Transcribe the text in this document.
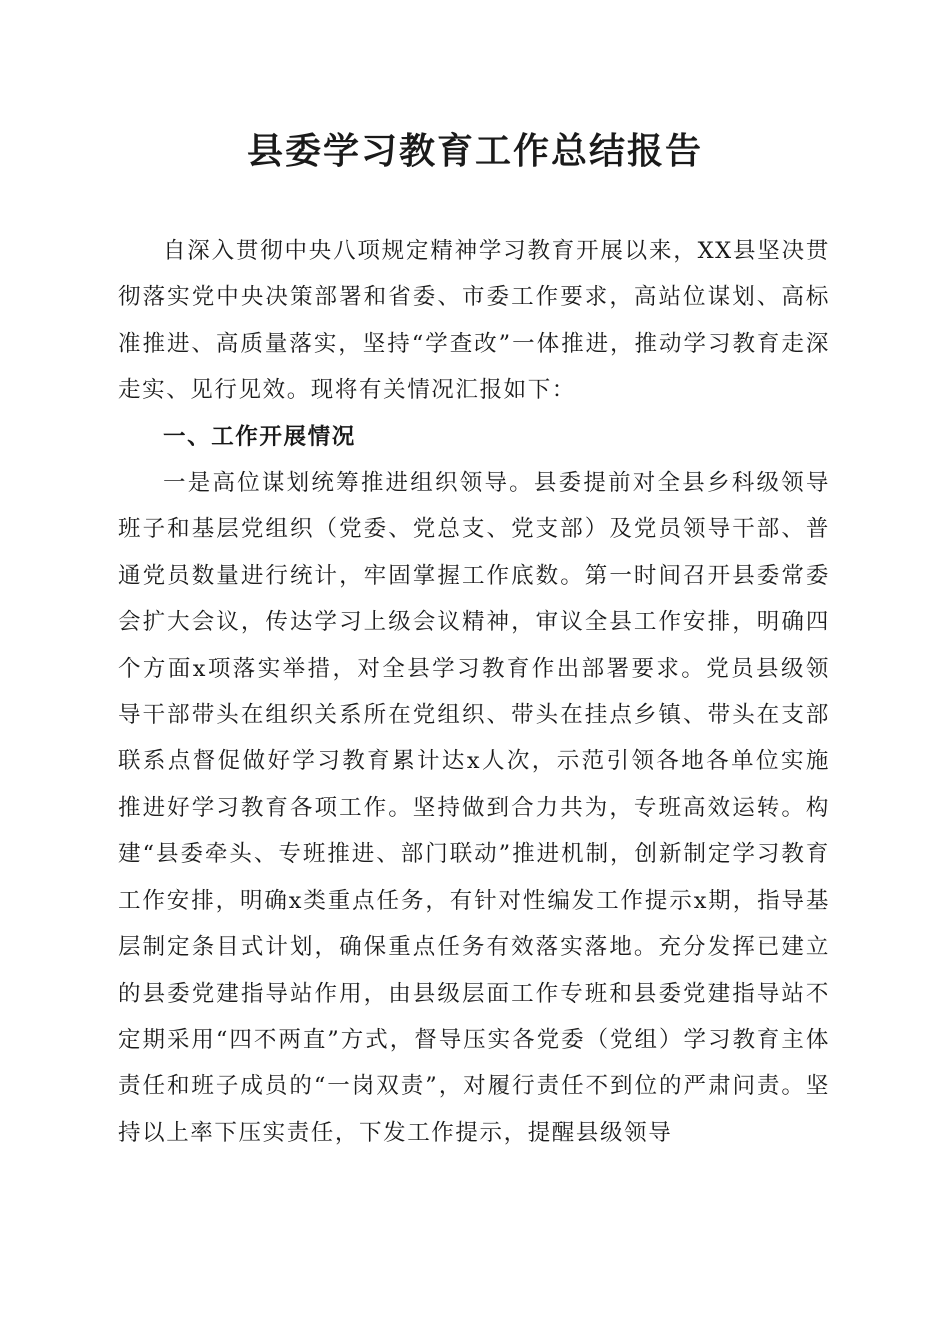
县委学习教育工作总结报告

自深入贯彻中央八项规定精神学习教育开展以来，XX县坚决贯彻落实党中央决策部署和省委、市委工作要求，高站位谋划、高标准推进、高质量落实，坚持“学查改”一体推进，推动学习教育走深走实、见行见效。现将有关情况汇报如下：

一、工作开展情况

一是高位谋划统筹推进组织领导。县委提前对全县乡科级领导班子和基层党组织（党委、党总支、党支部）及党员领导干部、普通党员数量进行统计，牢固掌握工作底数。第一时间召开县委常委会扩大会议，传达学习上级会议精神，审议全县工作安排，明确四个方面x项落实举措，对全县学习教育作出部署要求。党员县级领导干部带头在组织关系所在党组织、带头在挂点乡镇、带头在支部联系点督促做好学习教育累计达x人次，示范引领各地各单位实施推进好学习教育各项工作。坚持做到合力共为，专班高效运转。构建“县委牵头、专班推进、部门联动”推进机制，创新制定学习教育工作安排，明确x类重点任务，有针对性编发工作提示x期，指导基层制定条目式计划，确保重点任务有效落实落地。充分发挥已建立的县委党建指导站作用，由县级层面工作专班和县委党建指导站不定期采用“四不两直”方式，督导压实各党委（党组）学习教育主体责任和班子成员的“一岗双责”，对履行责任不到位的严肃问责。坚持以上率下压实责任，下发工作提示，提醒县级领导
